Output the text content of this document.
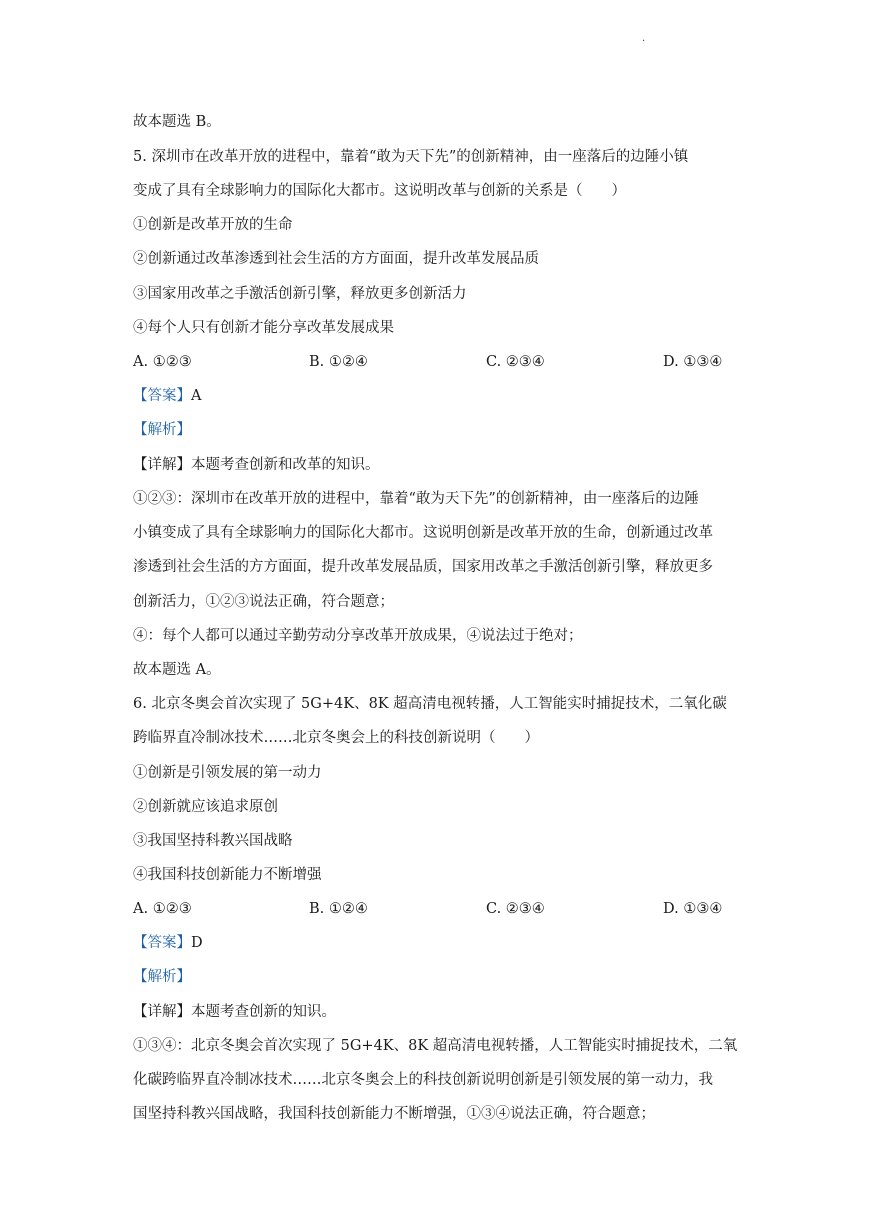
.

故本题选 B。

5. 深圳市在改革开放的进程中，靠着“敢为天下先”的创新精神，由一座落后的边陲小镇

变成了具有全球影响力的国际化大都市。这说明改革与创新的关系是（　　）

①创新是改革开放的生命

②创新通过改革渗透到社会生活的方方面面，提升改革发展品质

③国家用改革之手激活创新引擎，释放更多创新活力

④每个人只有创新才能分享改革发展成果

A. ①②③	B. ①②④	C. ②③④	D. ①③④

【答案】A

【解析】

【详解】本题考查创新和改革的知识。

①②③：深圳市在改革开放的进程中，靠着“敢为天下先”的创新精神，由一座落后的边陲

小镇变成了具有全球影响力的国际化大都市。这说明创新是改革开放的生命，创新通过改革

渗透到社会生活的方方面面，提升改革发展品质，国家用改革之手激活创新引擎，释放更多

创新活力，①②③说法正确，符合题意；

④：每个人都可以通过辛勤劳动分享改革开放成果，④说法过于绝对；

故本题选 A。

6. 北京冬奥会首次实现了 5G+4K、8K 超高清电视转播，人工智能实时捕捉技术，二氧化碳

跨临界直冷制冰技术……北京冬奥会上的科技创新说明（　　）

①创新是引领发展的第一动力

②创新就应该追求原创

③我国坚持科教兴国战略

④我国科技创新能力不断增强

A. ①②③	B. ①②④	C. ②③④	D. ①③④

【答案】D

【解析】

【详解】本题考查创新的知识。

①③④：北京冬奥会首次实现了 5G+4K、8K 超高清电视转播，人工智能实时捕捉技术，二氧

化碳跨临界直冷制冰技术……北京冬奥会上的科技创新说明创新是引领发展的第一动力，我

国坚持科教兴国战略，我国科技创新能力不断增强，①③④说法正确，符合题意；
